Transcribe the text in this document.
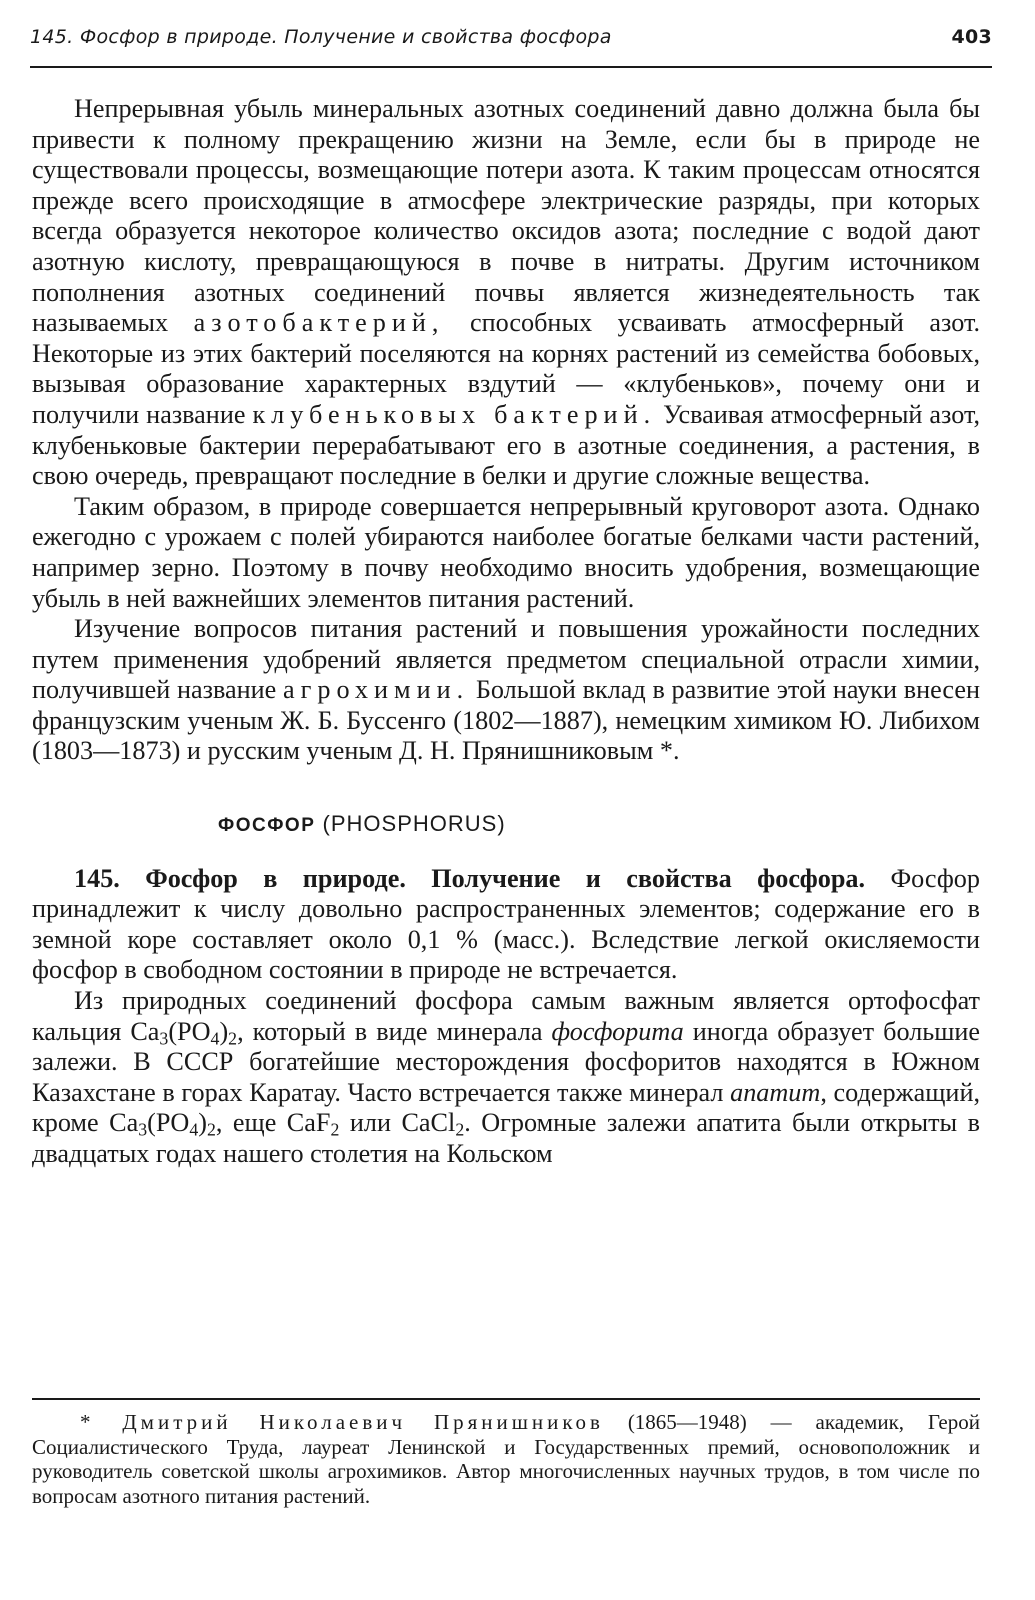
145. Фосфор в природе. Получение и свойства фосфора	403

Непрерывная убыль минеральных азотных соединений давно должна была бы привести к полному прекращению жизни на Земле, если бы в природе не существовали процессы, возмещающие потери азота. К таким процессам относятся прежде всего происходящие в атмосфере электрические разряды, при которых всегда образуется некоторое количество оксидов азота; последние с водой дают азотную кислоту, превращающуюся в почве в нитраты. Другим источником пополнения азотных соединений почвы является жизнедеятельность так называемых азотобактерий, способных усваивать атмосферный азот. Некоторые из этих бактерий поселяются на корнях растений из семейства бобовых, вызывая образование характерных вздутий — «клубеньков», почему они и получили название клубеньковых бактерий. Усваивая атмосферный азот, клубеньковые бактерии перерабатывают его в азотные соединения, а растения, в свою очередь, превращают последние в белки и другие сложные вещества.

Таким образом, в природе совершается непрерывный круговорот азота. Однако ежегодно с урожаем с полей убираются наиболее богатые белками части растений, например зерно. Поэтому в почву необходимо вносить удобрения, возмещающие убыль в ней важнейших элементов питания растений.

Изучение вопросов питания растений и повышения урожайности последних путем применения удобрений является предметом специальной отрасли химии, получившей название агрохимии. Большой вклад в развитие этой науки внесен французским ученым Ж. Б. Буссенго (1802—1887), немецким химиком Ю. Либихом (1803—1873) и русским ученым Д. Н. Прянишниковым *.

ФОСФОР (PHOSPHORUS)

145. Фосфор в природе. Получение и свойства фосфора. Фосфор принадлежит к числу довольно распространенных элементов; содержание его в земной коре составляет около 0,1 % (масс.). Вследствие легкой окисляемости фосфор в свободном состоянии в природе не встречается.

Из природных соединений фосфора самым важным является ортофосфат кальция $Ca_3(PO_4)_2$, который в виде минерала фосфорита иногда образует большие залежи. В СССР богатейшие месторождения фосфоритов находятся в Южном Казахстане в горах Каратау. Часто встречается также минерал апатит, содержащий, кроме $Ca_3(PO_4)_2$, еще CaF$_2$ или CaCl$_2$. Огромные залежи апатита были открыты в двадцатых годах нашего столетия на Кольском

* Дмитрий Николаевич Прянишников (1865—1948) — академик, Герой Социалистического Труда, лауреат Ленинской и Государственных премий, основоположник и руководитель советской школы агрохимиков. Автор многочисленных научных трудов, в том числе по вопросам азотного питания растений.
